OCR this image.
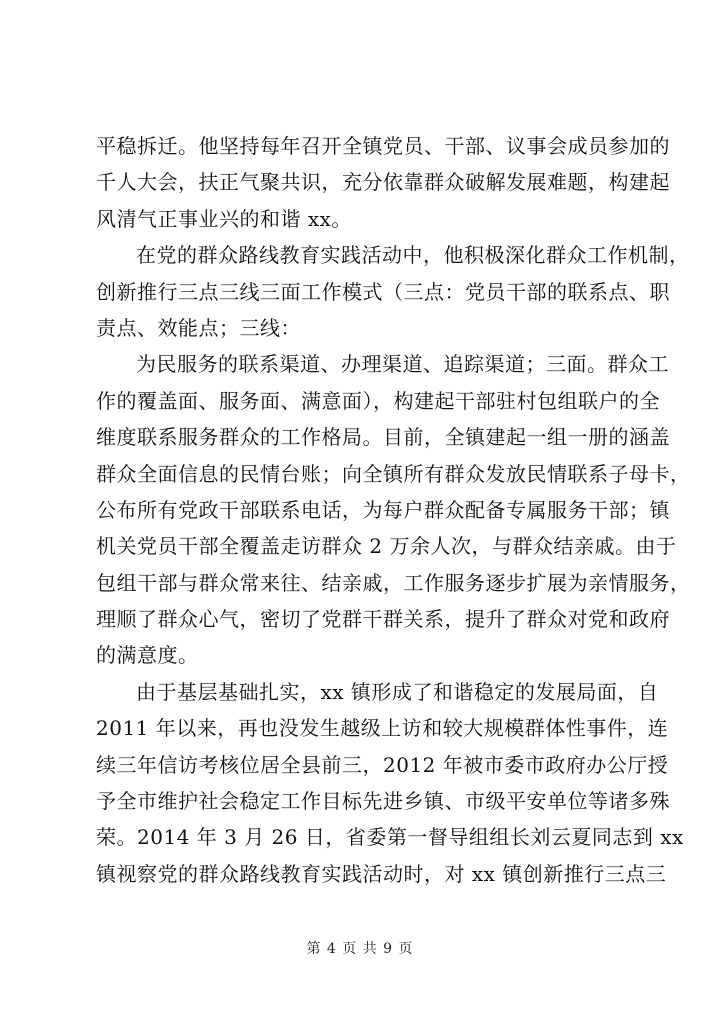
平稳拆迁。他坚持每年召开全镇党员、干部、议事会成员参加的
千人大会，扶正气聚共识，充分依靠群众破解发展难题，构建起
风清气正事业兴的和谐 xx。
在党的群众路线教育实践活动中，他积极深化群众工作机制，
创新推行三点三线三面工作模式（三点：党员干部的联系点、职
责点、效能点；三线：
为民服务的联系渠道、办理渠道、追踪渠道；三面。群众工
作的覆盖面、服务面、满意面），构建起干部驻村包组联户的全
维度联系服务群众的工作格局。目前，全镇建起一组一册的涵盖
群众全面信息的民情台账；向全镇所有群众发放民情联系子母卡，
公布所有党政干部联系电话，为每户群众配备专属服务干部；镇
机关党员干部全覆盖走访群众 2 万余人次，与群众结亲戚。由于
包组干部与群众常来往、结亲戚，工作服务逐步扩展为亲情服务，
理顺了群众心气，密切了党群干群关系，提升了群众对党和政府
的满意度。
由于基层基础扎实，xx 镇形成了和谐稳定的发展局面，自
2011 年以来，再也没发生越级上访和较大规模群体性事件，连
续三年信访考核位居全县前三，2012 年被市委市政府办公厅授
予全市维护社会稳定工作目标先进乡镇、市级平安单位等诸多殊
荣。2014 年 3 月 26 日，省委第一督导组组长刘云夏同志到 xx
镇视察党的群众路线教育实践活动时，对 xx 镇创新推行三点三
第 4 页 共 9 页
